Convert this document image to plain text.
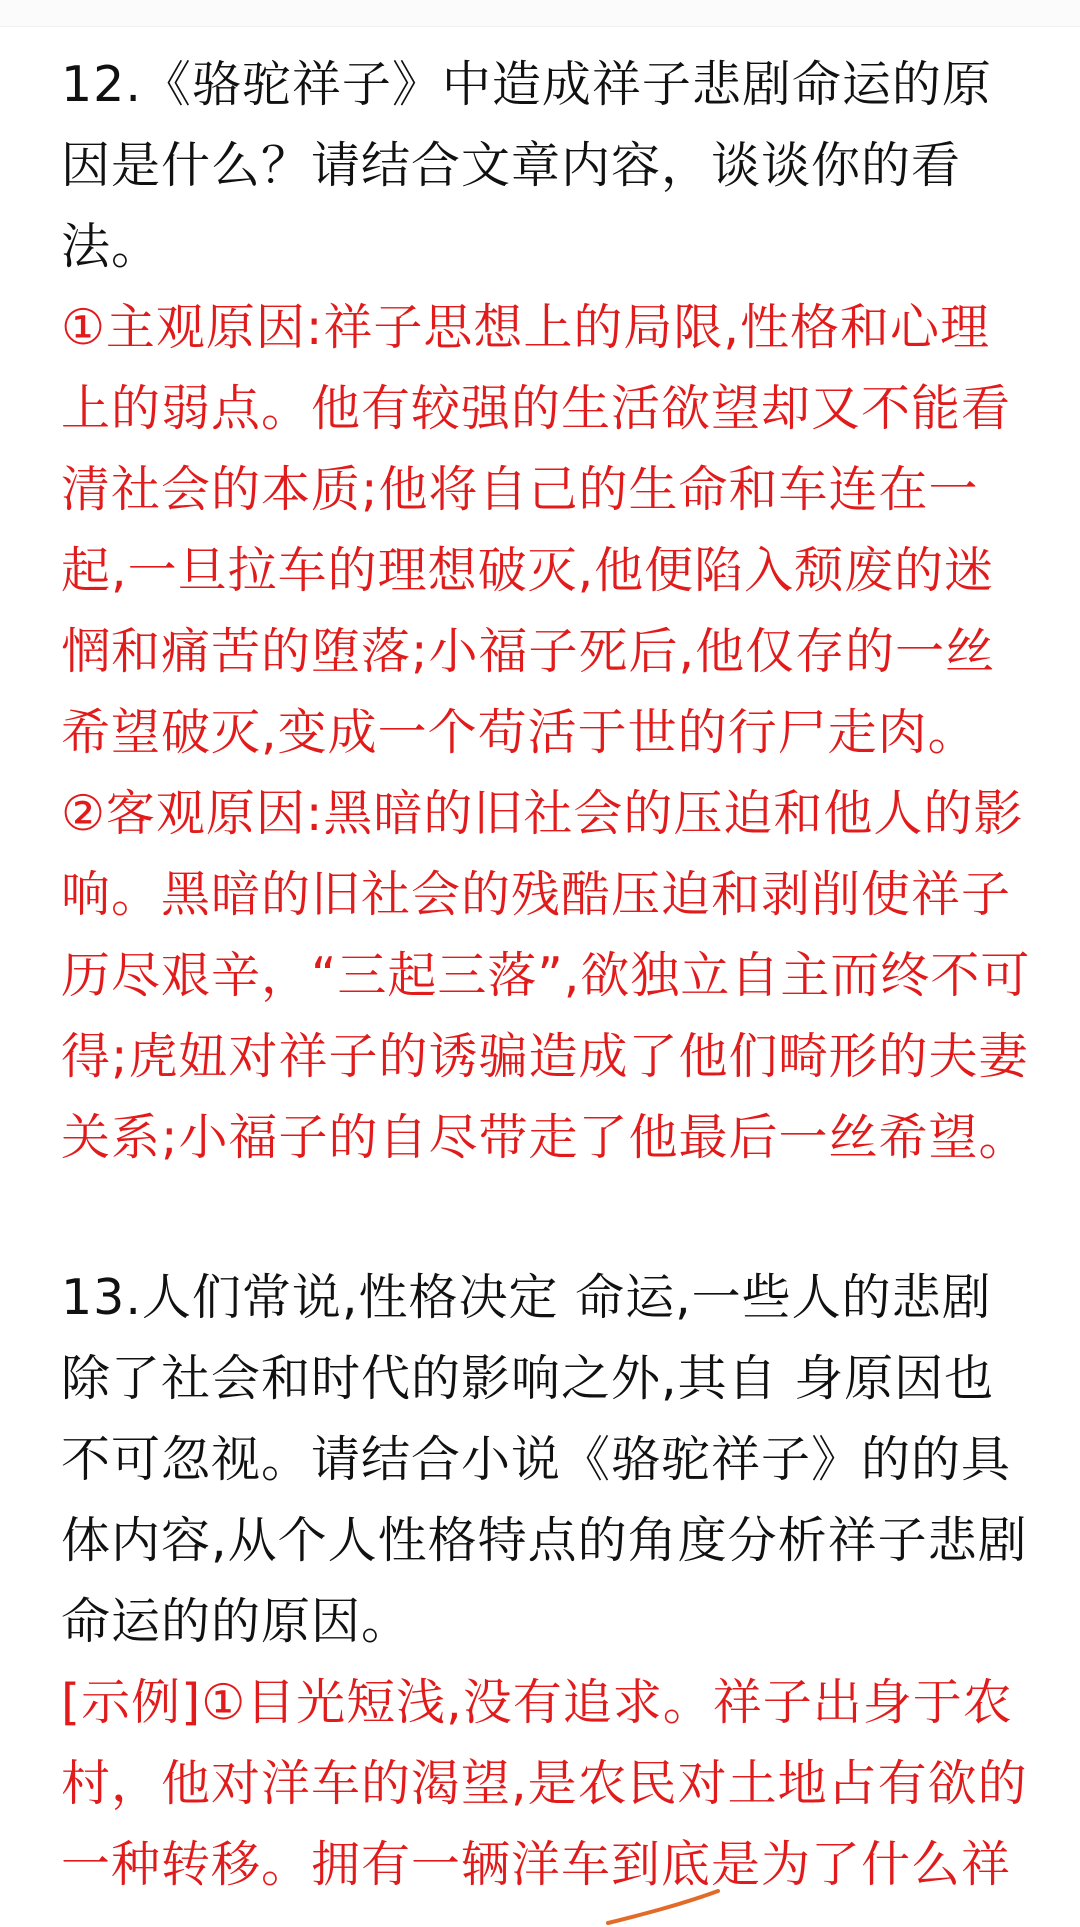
12.《骆驼祥子》中造成祥子悲剧命运的原因是什么？请结合文章内容，谈谈你的看法。

①主观原因:祥子思想上的局限,性格和心理上的弱点。他有较强的生活欲望却又不能看清社会的本质;他将自己的生命和车连在一起,一旦拉车的理想破灭,他便陷入颓废的迷惘和痛苦的堕落;小福子死后,他仅存的一丝希望破灭,变成一个苟活于世的行尸走肉。

②客观原因:黑暗的旧社会的压迫和他人的影响。黑暗的旧社会的残酷压迫和剥削使祥子历尽艰辛，“三起三落”,欲独立自主而终不可得;虎妞对祥子的诱骗造成了他们畸形的夫妻关系;小福子的自尽带走了他最后一丝希望。

13.人们常说,性格决定 命运,一些人的悲剧除了社会和时代的影响之外,其自 身原因也不可忽视。请结合小说《骆驼祥子》的的具体内容,从个人性格特点的角度分析祥子悲剧命运的的原因。

[示例]①目光短浅,没有追求。祥子出身于农村，他对洋车的渴望,是农民对土地占有欲的一种转移。拥有一辆洋车到底是为了什么祥
